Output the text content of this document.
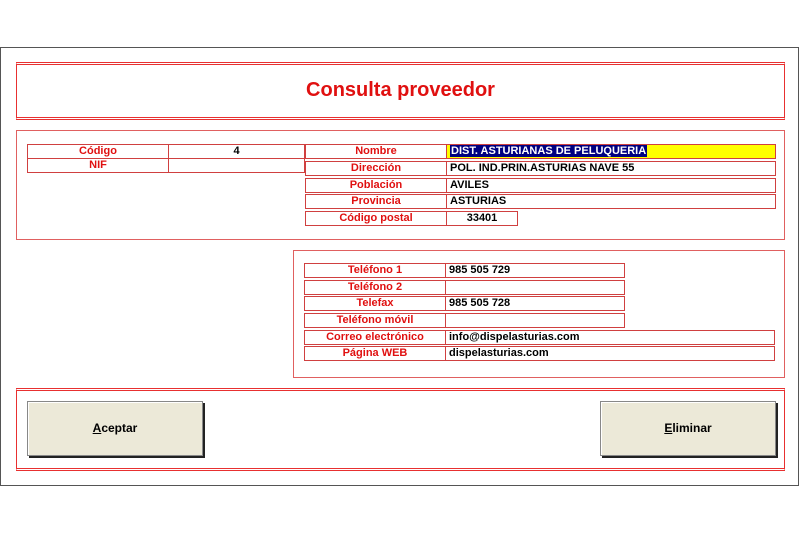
Consulta proveedor
Código	4
NIF
Nombre	DIST. ASTURIANAS DE PELUQUERIA
Dirección	POL. IND.PRIN.ASTURIAS NAVE 55
Población	AVILES
Provincia	ASTURIAS
Código postal	33401
Teléfono 1	985 505 729
Teléfono 2
Telefax	985 505 728
Teléfono móvil
Correo electrónico	info@dispelasturias.com
Página WEB	dispelasturias.com
Aceptar	Eliminar
